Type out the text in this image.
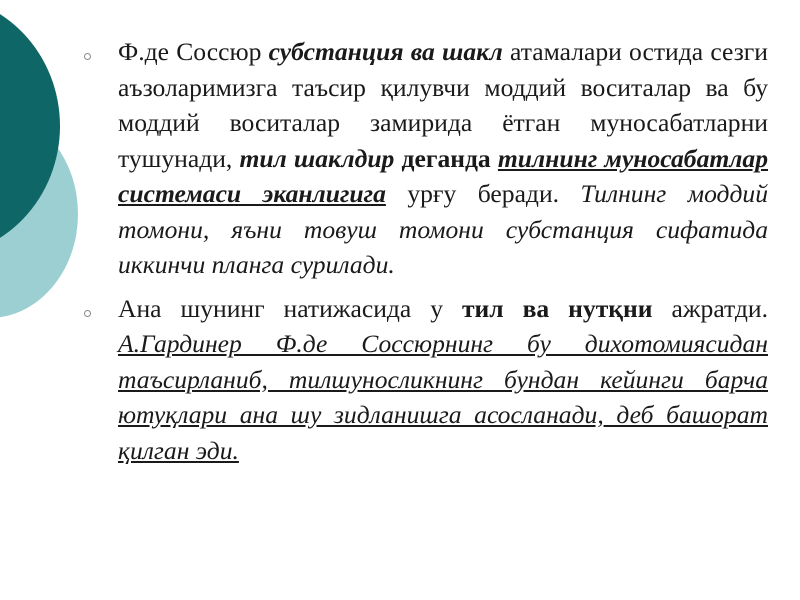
Ф.де Соссюр субстанция ва шакл атамалари остида сезги аъзоларимизга таъсир қилувчи моддий воситалар ва бу моддий воситалар замирида ётган муносабатларни тушунади, тил шаклдир деганда тилнинг муносабатлар системаси эканлигига урғу беради. Тилнинг моддий томони, яъни товуш томони субстанция сифатида иккинчи планга сурилади.

Ана шунинг натижасида у тил ва нутқни ажратди. А.Гардинер Ф.де Соссюрнинг бу дихотомиясидан таъсирланиб, тилшуносликнинг бундан кейинги барча ютуқлари ана шу зидланишга асосланади, деб башорат қилган эди.
